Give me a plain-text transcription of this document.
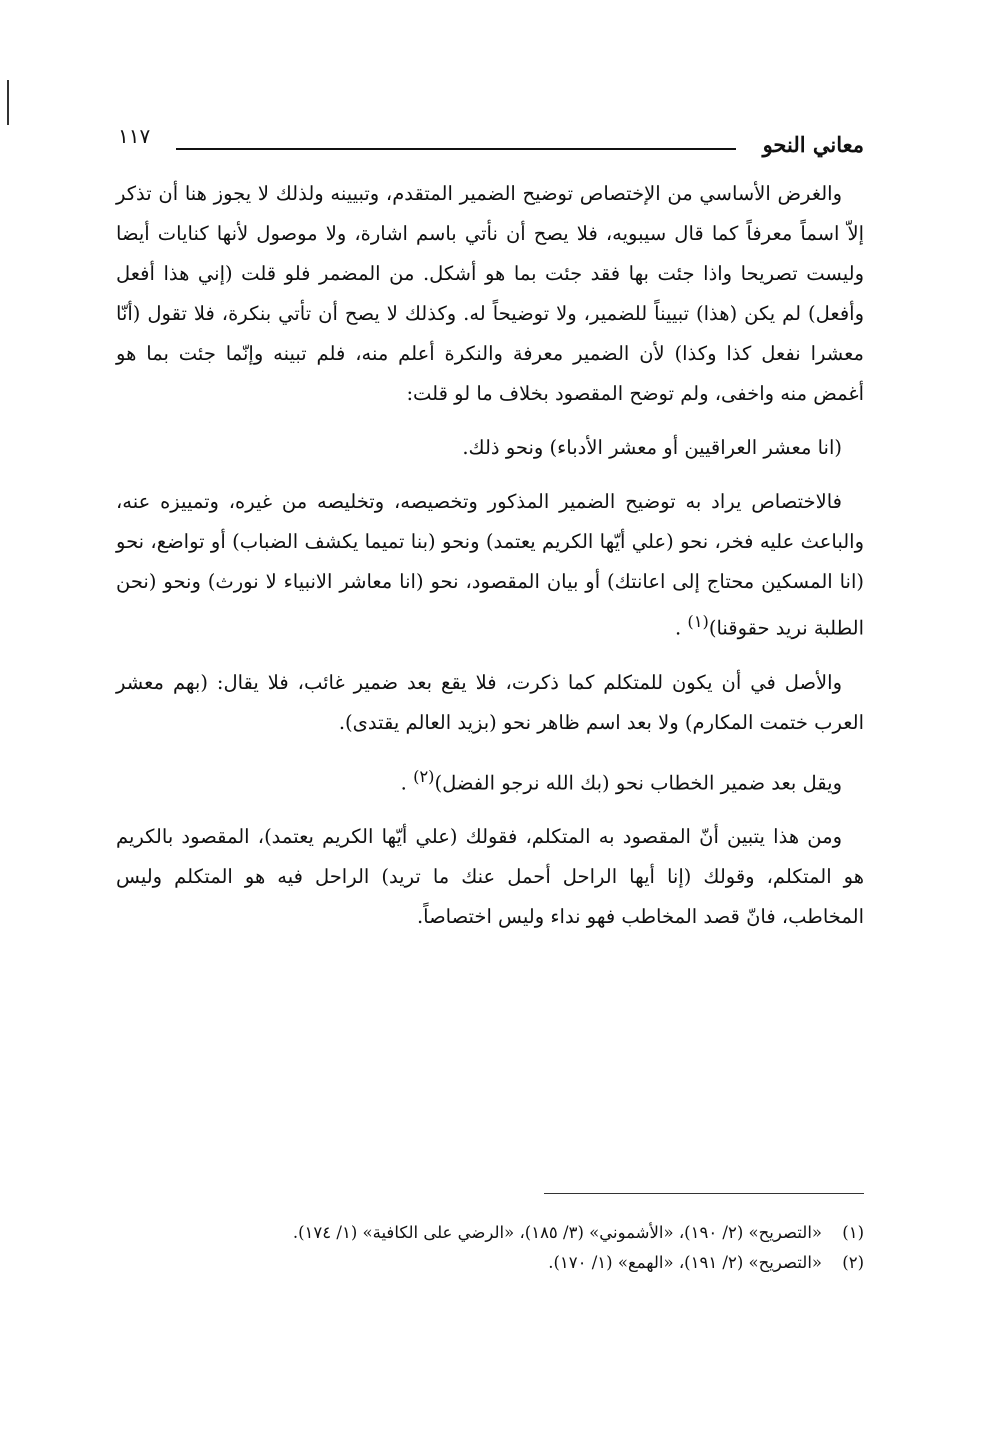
معاني النحو
١١٧

والغرض الأساسي من الإختصاص توضيح الضمير المتقدم، وتبيينه ولذلك لا يجوز هنا أن تذكر إلاّ اسماً معرفاً كما قال سيبويه، فلا يصح أن نأتي باسم اشارة، ولا موصول لأنها كنايات أيضا وليست تصريحا واذا جئت بها فقد جئت بما هو أشكل. من المضمر فلو قلت (إني هذا أفعل وأفعل) لم يكن (هذا) تبييناً للضمير، ولا توضيحاً له. وكذلك لا يصح أن تأتي بنكرة، فلا تقول (أنّا معشرا نفعل كذا وكذا) لأن الضمير معرفة والنكرة أعلم منه، فلم تبينه وإنّما جئت بما هو أغمض منه واخفى، ولم توضح المقصود بخلاف ما لو قلت:

(انا معشر العراقيين أو معشر الأدباء) ونحو ذلك.

فالاختصاص يراد به توضيح الضمير المذكور وتخصيصه، وتخليصه من غيره، وتمييزه عنه، والباعث عليه فخر، نحو (علي أيّها الكريم يعتمد) ونحو (بنا تميما يكشف الضباب) أو تواضع، نحو (انا المسكين محتاج إلى اعانتك) أو بيان المقصود، نحو (انا معاشر الانبياء لا نورث) ونحو (نحن الطلبة نريد حقوقنا)$^{(١)}$ .

والأصل في أن يكون للمتكلم كما ذكرت، فلا يقع بعد ضمير غائب، فلا يقال: (بهم معشر العرب ختمت المكارم) ولا بعد اسم ظاهر نحو (بزيد العالم يقتدى).

ويقل بعد ضمير الخطاب نحو (بك الله نرجو الفضل)$^{(٢)}$ .

ومن هذا يتبين أنّ المقصود به المتكلم، فقولك (علي أيّها الكريم يعتمد)، المقصود بالكريم هو المتكلم، وقولك (إنا أيها الراحل أحمل عنك ما تريد) الراحل فيه هو المتكلم وليس المخاطب، فانّ قصد المخاطب فهو نداء وليس اختصاصاً.

(١)«التصريح» (٢/ ١٩٠)، «الأشموني» (٣/ ١٨٥)، «الرضي على الكافية» (١/ ١٧٤).

(٢)«التصريح» (٢/ ١٩١)، «الهمع» (١/ ١٧٠).
